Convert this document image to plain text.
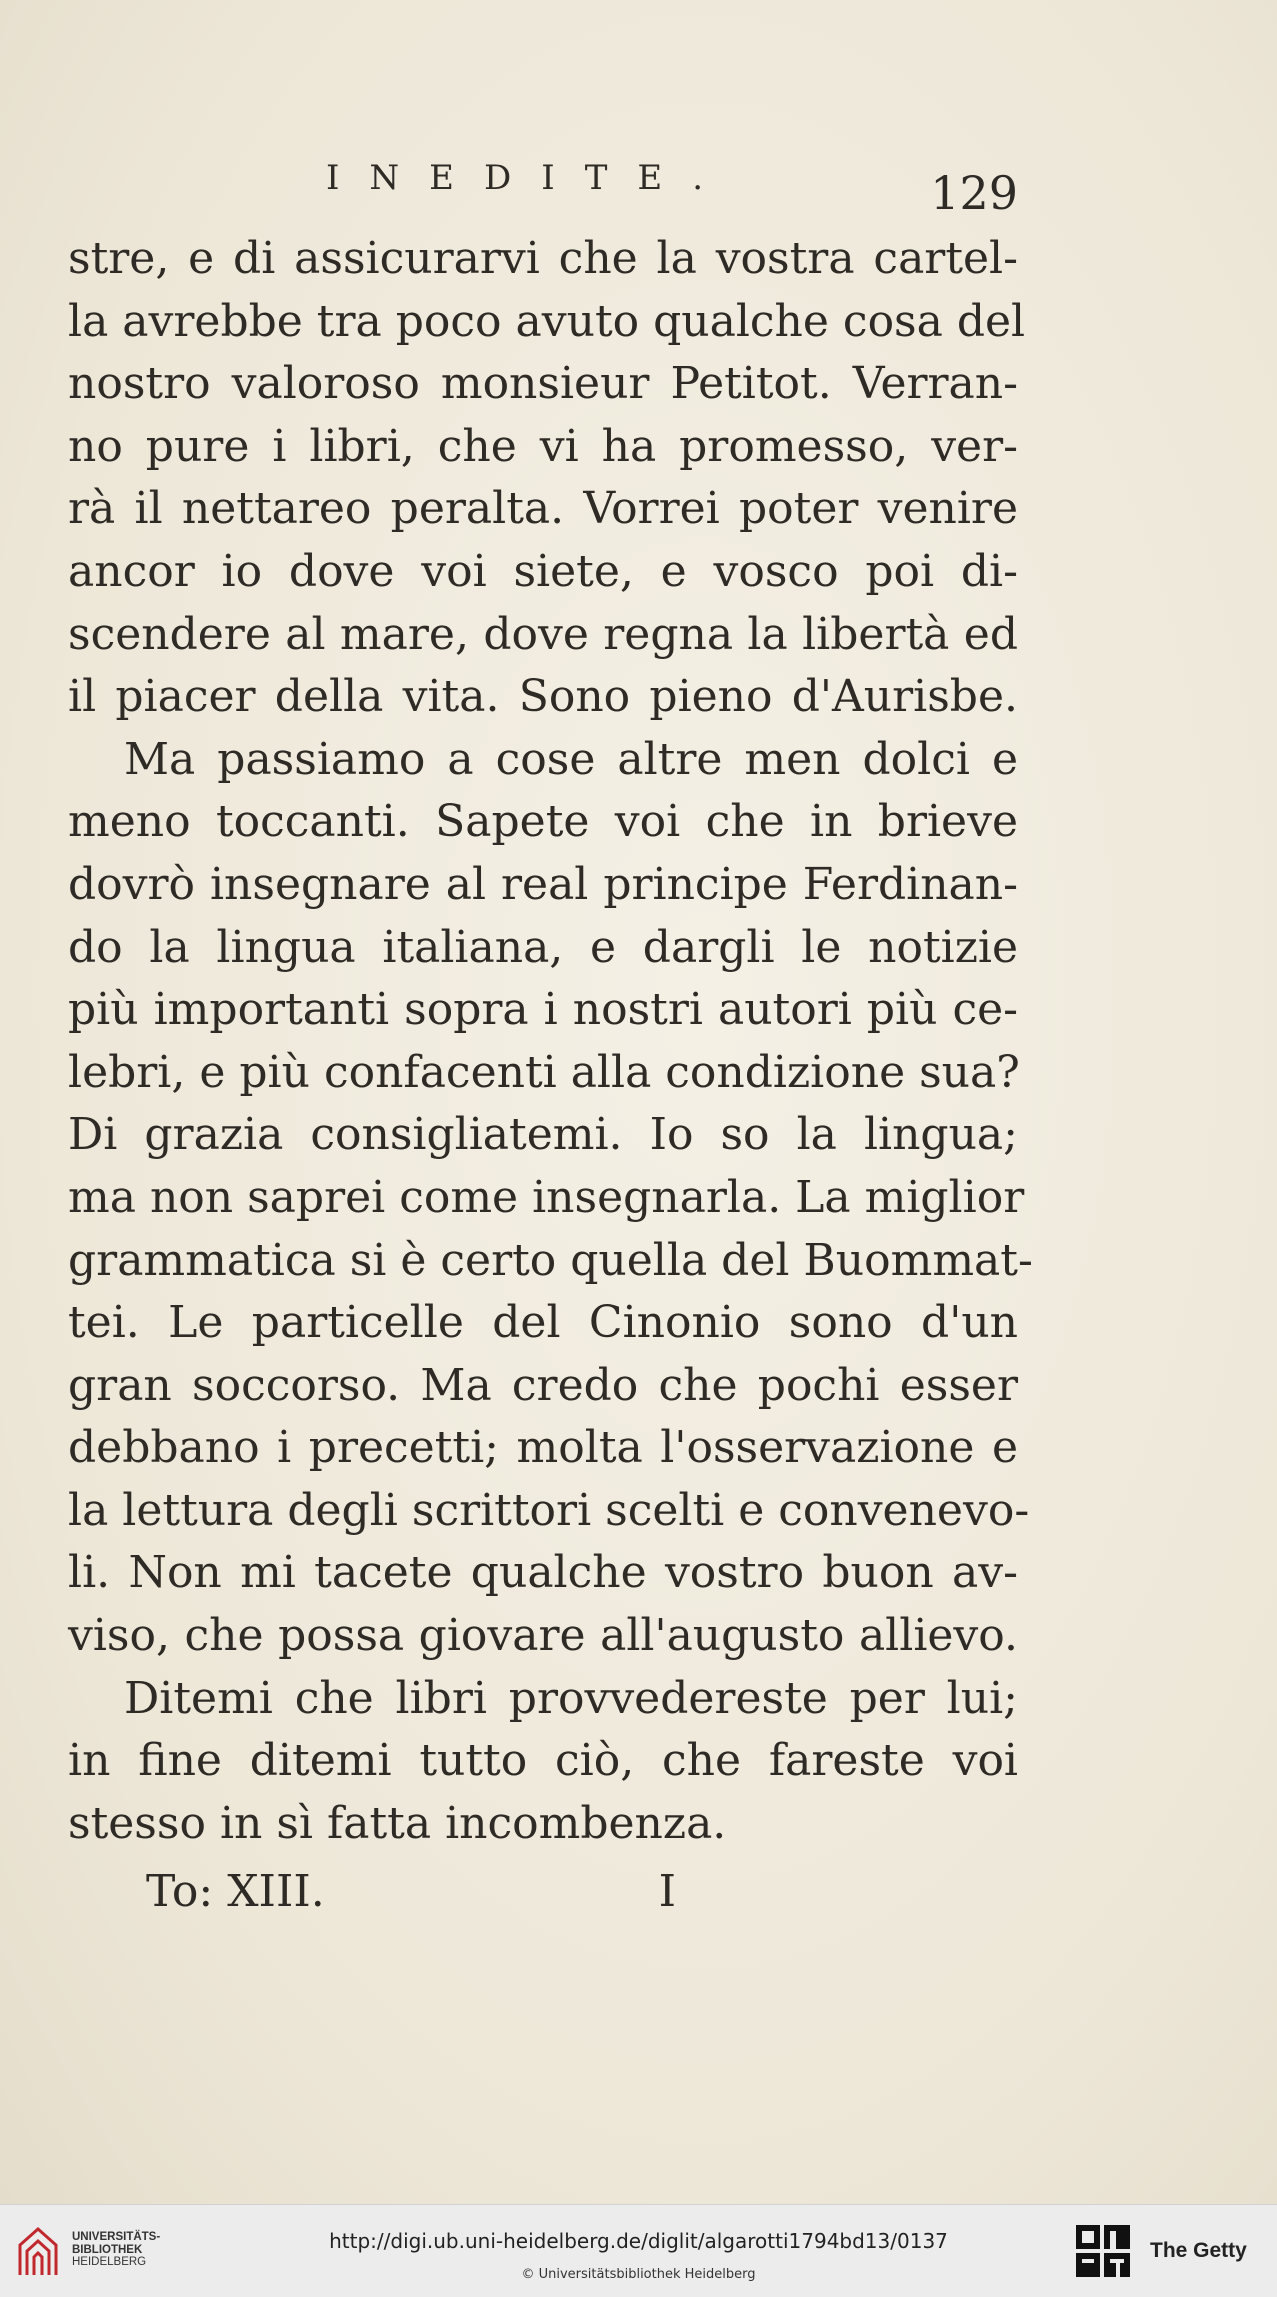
INEDITE.	129
stre, e di assicurarvi che la vostra cartel-
la avrebbe tra poco avuto qualche cosa del
nostro valoroso monsieur Petitot. Verran-
no pure i libri, che vi ha promesso, ver-
rà il nettareo peralta. Vorrei poter venire
ancor io dove voi siete, e vosco poi di-
scendere al mare, dove regna la libertà ed
il piacer della vita. Sono pieno d'Aurisbe.
Ma passiamo a cose altre men dolci e
meno toccanti. Sapete voi che in brieve
dovrò insegnare al real principe Ferdinan-
do la lingua italiana, e dargli le notizie
più importanti sopra i nostri autori più ce-
lebri, e più confacenti alla condizione sua?
Di grazia consigliatemi. Io so la lingua;
ma non saprei come insegnarla. La miglior
grammatica si è certo quella del Buommat-
tei. Le particelle del Cinonio sono d'un
gran soccorso. Ma credo che pochi esser
debbano i precetti; molta l'osservazione e
la lettura degli scrittori scelti e convenevo-
li. Non mi tacete qualche vostro buon av-
viso, che possa giovare all'augusto allievo.
Ditemi che libri provvedereste per lui;
in fine ditemi tutto ciò, che fareste voi
stesso in sì fatta incombenza.
To: XIII.	I
UNIVERSITÄTS-
BIBLIOTHEK
HEIDELBERG
http://digi.ub.uni-heidelberg.de/diglit/algarotti1794bd13/0137
© Universitätsbibliothek Heidelberg
The Getty
